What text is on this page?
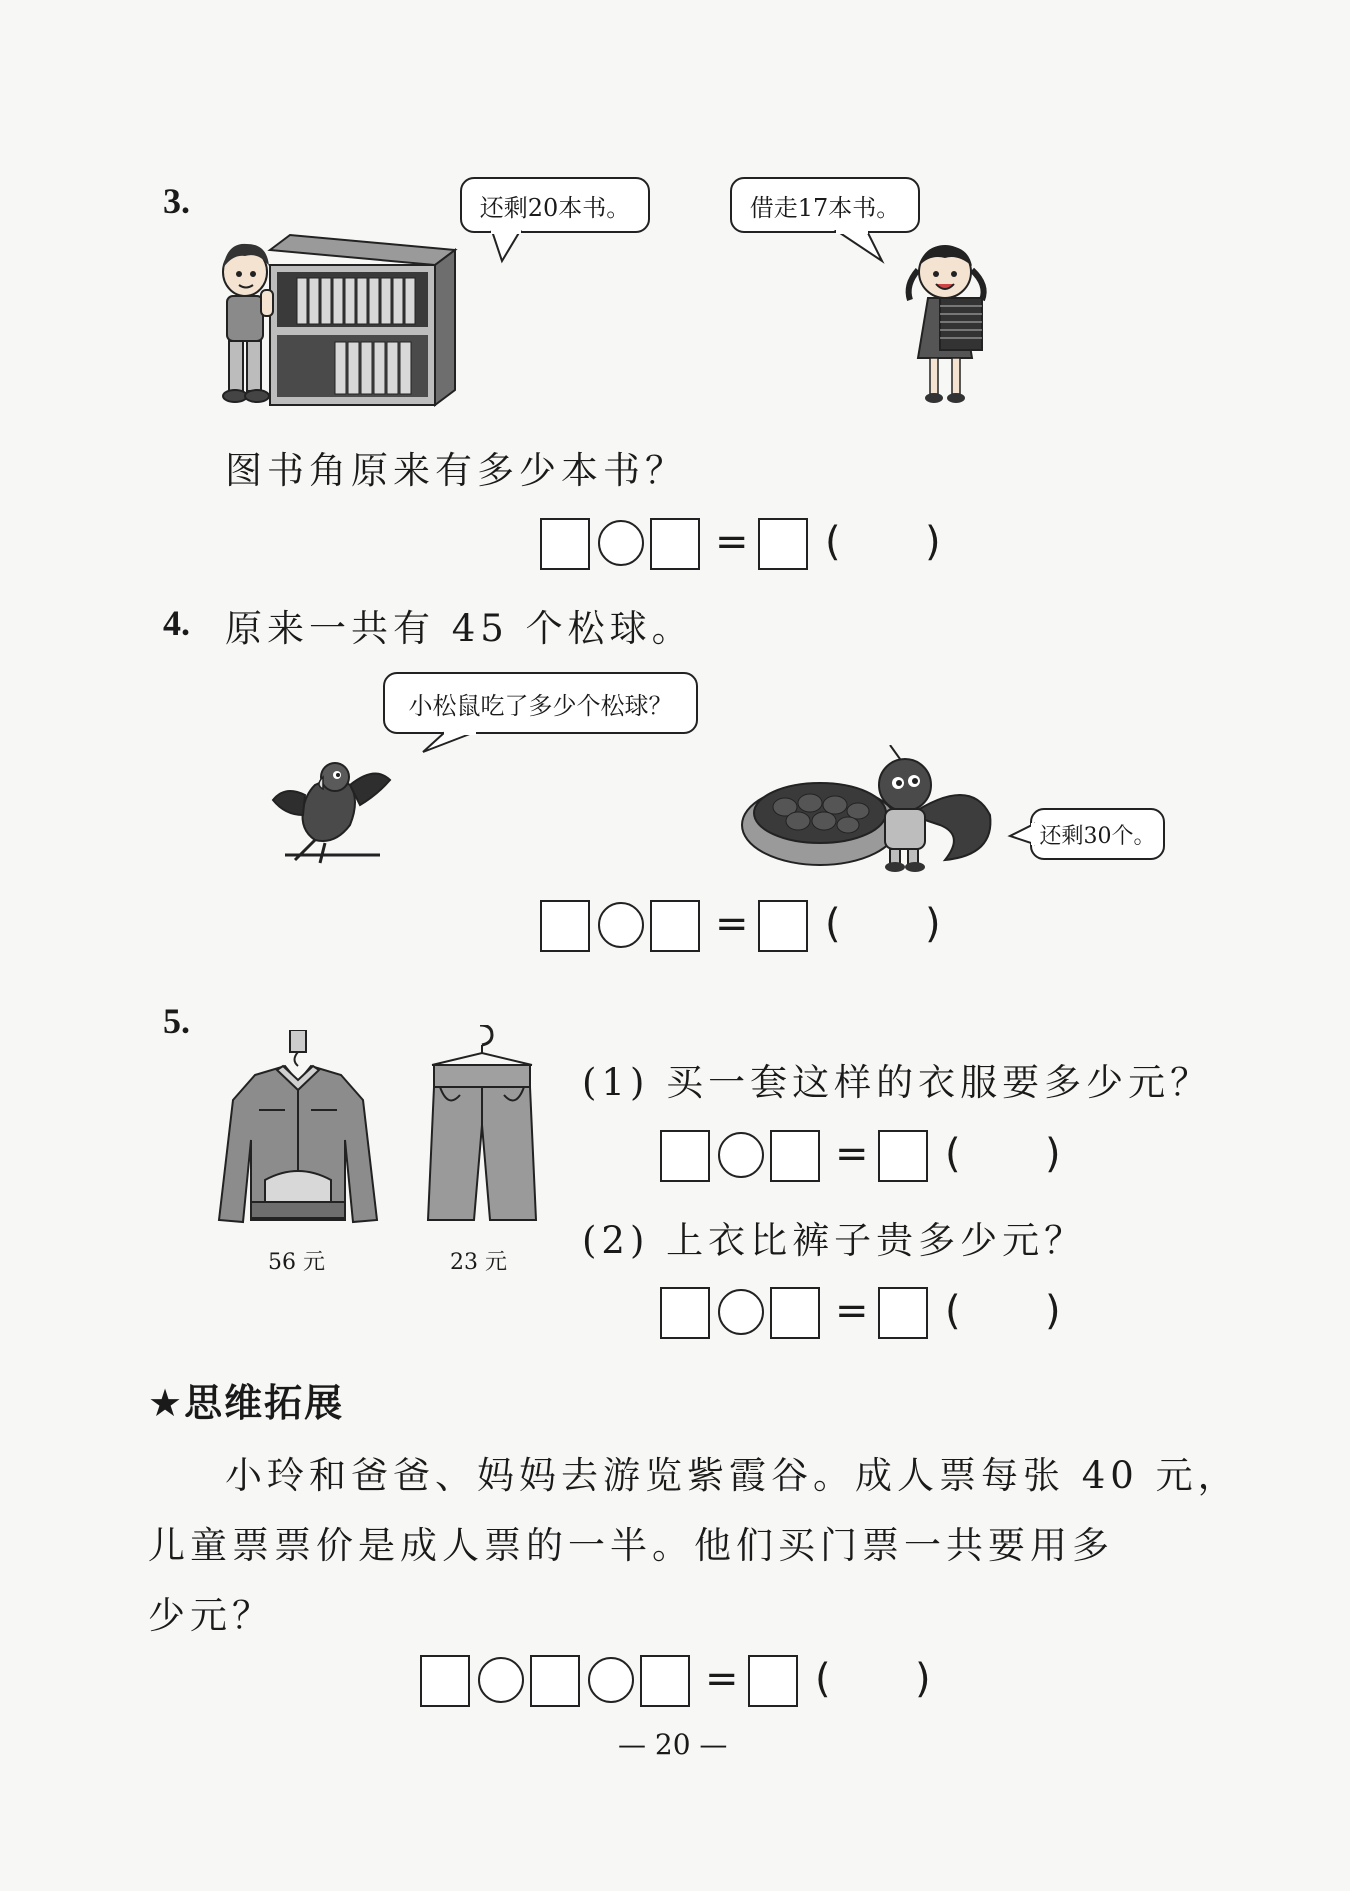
3.	还剩20本书。	借走17本书。
图书角原来有多少本书？
= ( )
4. 原来一共有 45 个松球。
小松鼠吃了多少个松球？
还剩30个。
= ( )
5.
56 元	23 元
(1) 买一套这样的衣服要多少元？
= ( )
(2) 上衣比裤子贵多少元？
= ( )
★思维拓展
小玲和爸爸、妈妈去游览紫霞谷。成人票每张 40 元，
儿童票票价是成人票的一半。他们买门票一共要用多
少元？
= ( )
— 20 —
